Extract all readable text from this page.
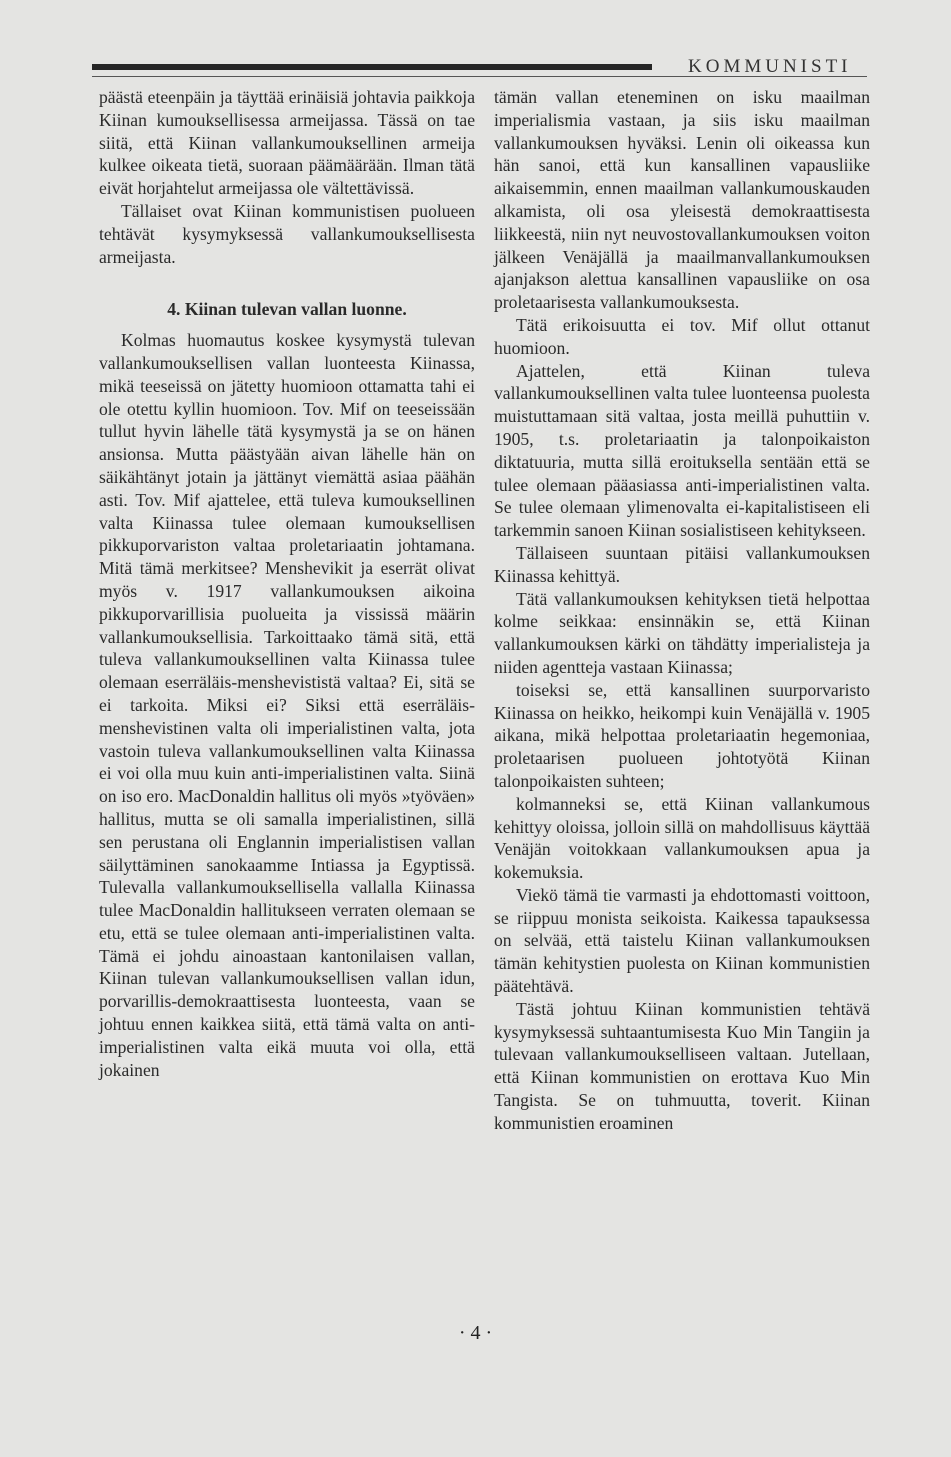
KOMMUNISTI

päästä eteenpäin ja täyttää erinäisiä johtavia paikkoja Kiinan kumouksellisessa armeijassa. Tässä on tae siitä, että Kiinan vallankumouksellinen armeija kulkee oikeata tietä, suoraan päämäärään. Ilman tätä eivät horjahtelut armeijassa ole vältettävissä.

Tällaiset ovat Kiinan kommunistisen puolueen tehtävät kysymyksessä vallankumouksellisesta armeijasta.

4. Kiinan tulevan vallan luonne.

Kolmas huomautus koskee kysymystä tulevan vallankumouksellisen vallan luonteesta Kiinassa, mikä teeseissä on jätetty huomioon ottamatta tahi ei ole otettu kyllin huomioon. Tov. Mif on teeseissään tullut hyvin lähelle tätä kysymystä ja se on hänen ansionsa. Mutta päästyään aivan lähelle hän on säikähtänyt jotain ja jättänyt viemättä asiaa päähän asti. Tov. Mif ajattelee, että tuleva kumouksellinen valta Kiinassa tulee olemaan kumouksellisen pikkuporvariston valtaa proletariaatin johtamana. Mitä tämä merkitsee? Menshevikit ja eserrät olivat myös v. 1917 vallankumouksen aikoina pikkuporvarillisia puolueita ja vississä määrin vallankumouksellisia. Tarkoittaako tämä sitä, että tuleva vallankumouksellinen valta Kiinassa tulee olemaan eserräläis-menshevististä valtaa? Ei, sitä se ei tarkoita. Miksi ei? Siksi että eserräläis-menshevistinen valta oli imperialistinen valta, jota vastoin tuleva vallankumouksellinen valta Kiinassa ei voi olla muu kuin anti-imperialistinen valta. Siinä on iso ero. MacDonaldin hallitus oli myös »työväen» hallitus, mutta se oli samalla imperialistinen, sillä sen perustana oli Englannin imperialistisen vallan säilyttäminen sanokaamme Intiassa ja Egyptissä. Tulevalla vallankumouksellisella vallalla Kiinassa tulee MacDonaldin hallitukseen verraten olemaan se etu, että se tulee olemaan anti-imperialistinen valta. Tämä ei johdu ainoastaan kantonilaisen vallan, Kiinan tulevan vallankumouksellisen vallan idun, porvarillis-demokraattisesta luonteesta, vaan se johtuu ennen kaikkea siitä, että tämä valta on anti-imperialistinen valta eikä muuta voi olla, että jokainen

tämän vallan eteneminen on isku maailman imperialismia vastaan, ja siis isku maailman vallankumouksen hyväksi. Lenin oli oikeassa kun hän sanoi, että kun kansallinen vapausliike aikaisemmin, ennen maailman vallankumouskauden alkamista, oli osa yleisestä demokraattisesta liikkeestä, niin nyt neuvostovallankumouksen voiton jälkeen Venäjällä ja maailmanvallankumouksen ajanjakson alettua kansallinen vapausliike on osa proletaarisesta vallankumouksesta.

Tätä erikoisuutta ei tov. Mif ollut ottanut huomioon.

Ajattelen, että Kiinan tuleva vallankumouksellinen valta tulee luonteensa puolesta muistuttamaan sitä valtaa, josta meillä puhuttiin v. 1905, t.s. proletariaatin ja talonpoikaiston diktatuuria, mutta sillä eroituksella sentään että se tulee olemaan pääasiassa anti-imperialistinen valta. Se tulee olemaan ylimenovalta ei-kapitalistiseen eli tarkemmin sanoen Kiinan sosialistiseen kehitykseen.

Tällaiseen suuntaan pitäisi vallankumouksen Kiinassa kehittyä.

Tätä vallankumouksen kehityksen tietä helpottaa kolme seikkaa: ensinnäkin se, että Kiinan vallankumouksen kärki on tähdätty imperialisteja ja niiden agentteja vastaan Kiinassa;

toiseksi se, että kansallinen suurporvaristo Kiinassa on heikko, heikompi kuin Venäjällä v. 1905 aikana, mikä helpottaa proletariaatin hegemoniaa, proletaarisen puolueen johtotyötä Kiinan talonpoikaisten suhteen;

kolmanneksi se, että Kiinan vallankumous kehittyy oloissa, jolloin sillä on mahdollisuus käyttää Venäjän voitokkaan vallankumouksen apua ja kokemuksia.

Viekö tämä tie varmasti ja ehdottomasti voittoon, se riippuu monista seikoista. Kaikessa tapauksessa on selvää, että taistelu Kiinan vallankumouksen tämän kehitystien puolesta on Kiinan kommunistien päätehtävä.

Tästä johtuu Kiinan kommunistien tehtävä kysymyksessä suhtaantumisesta Kuo Min Tangiin ja tulevaan vallankumoukselliseen valtaan. Jutellaan, että Kiinan kommunistien on erottava Kuo Min Tangista. Se on tuhmuutta, toverit. Kiinan kommunistien eroaminen

· 4 ·
